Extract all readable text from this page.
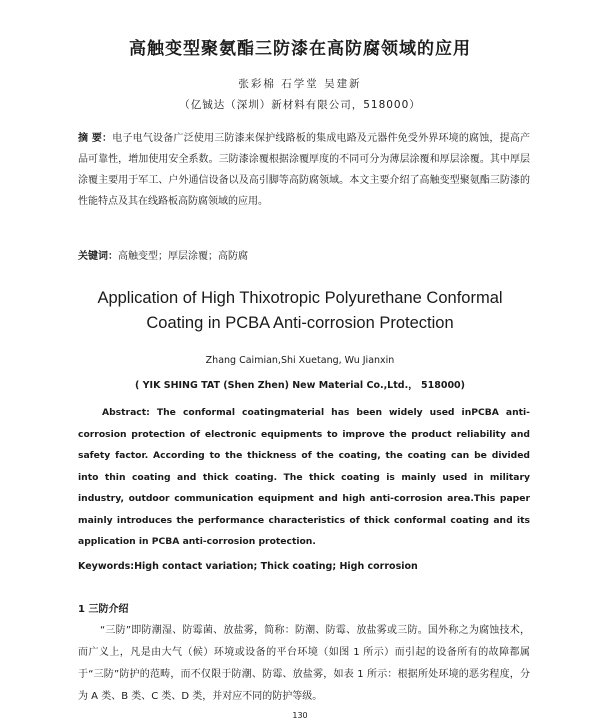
高触变型聚氨酯三防漆在高防腐领域的应用
张彩棉 石学堂 吴建新
（亿铖达（深圳）新材料有限公司，518000）
摘 要：电子电气设备广泛使用三防漆来保护线路板的集成电路及元器件免受外界环境的腐蚀，提高产品可靠性，增加使用安全系数。三防漆涂覆根据涂覆厚度的不同可分为薄层涂覆和厚层涂覆。其中厚层涂覆主要用于军工、户外通信设备以及高引脚等高防腐领域。本文主要介绍了高触变型聚氨酯三防漆的性能特点及其在线路板高防腐领域的应用。
关键词：高触变型；厚层涂覆；高防腐
Application of High Thixotropic Polyurethane Conformal
Coating in PCBA Anti-corrosion Protection
Zhang Caimian,Shi Xuetang, Wu Jianxin
( YIK SHING TAT (Shen Zhen) New Material Co.,Ltd.， 518000)
Abstract: The conformal coatingmaterial has been widely used inPCBA anti-corrosion protection of electronic equipments to improve the product reliability and safety factor. According to the thickness of the coating, the coating can be divided into thin coating and thick coating. The thick coating is mainly used in military industry, outdoor communication equipment and high anti-corrosion area.This paper mainly introduces the performance characteristics of thick conformal coating and its application in PCBA anti-corrosion protection.
Keywords:High contact variation; Thick coating; High corrosion
1 三防介绍
“三防”即防潮湿、防霉菌、放盐雾，简称：防潮、防霉、放盐雾或三防。国外称之为腐蚀技术，而广义上，凡是由大气（候）环境或设备的平台环境（如图 1 所示）而引起的设备所有的故障都属于“三防”防护的范畴，而不仅限于防潮、防霉、放盐雾，如表 1 所示：根据所处环境的恶劣程度，分为 A 类、B 类、C 类、D 类，并对应不同的防护等级。
130
